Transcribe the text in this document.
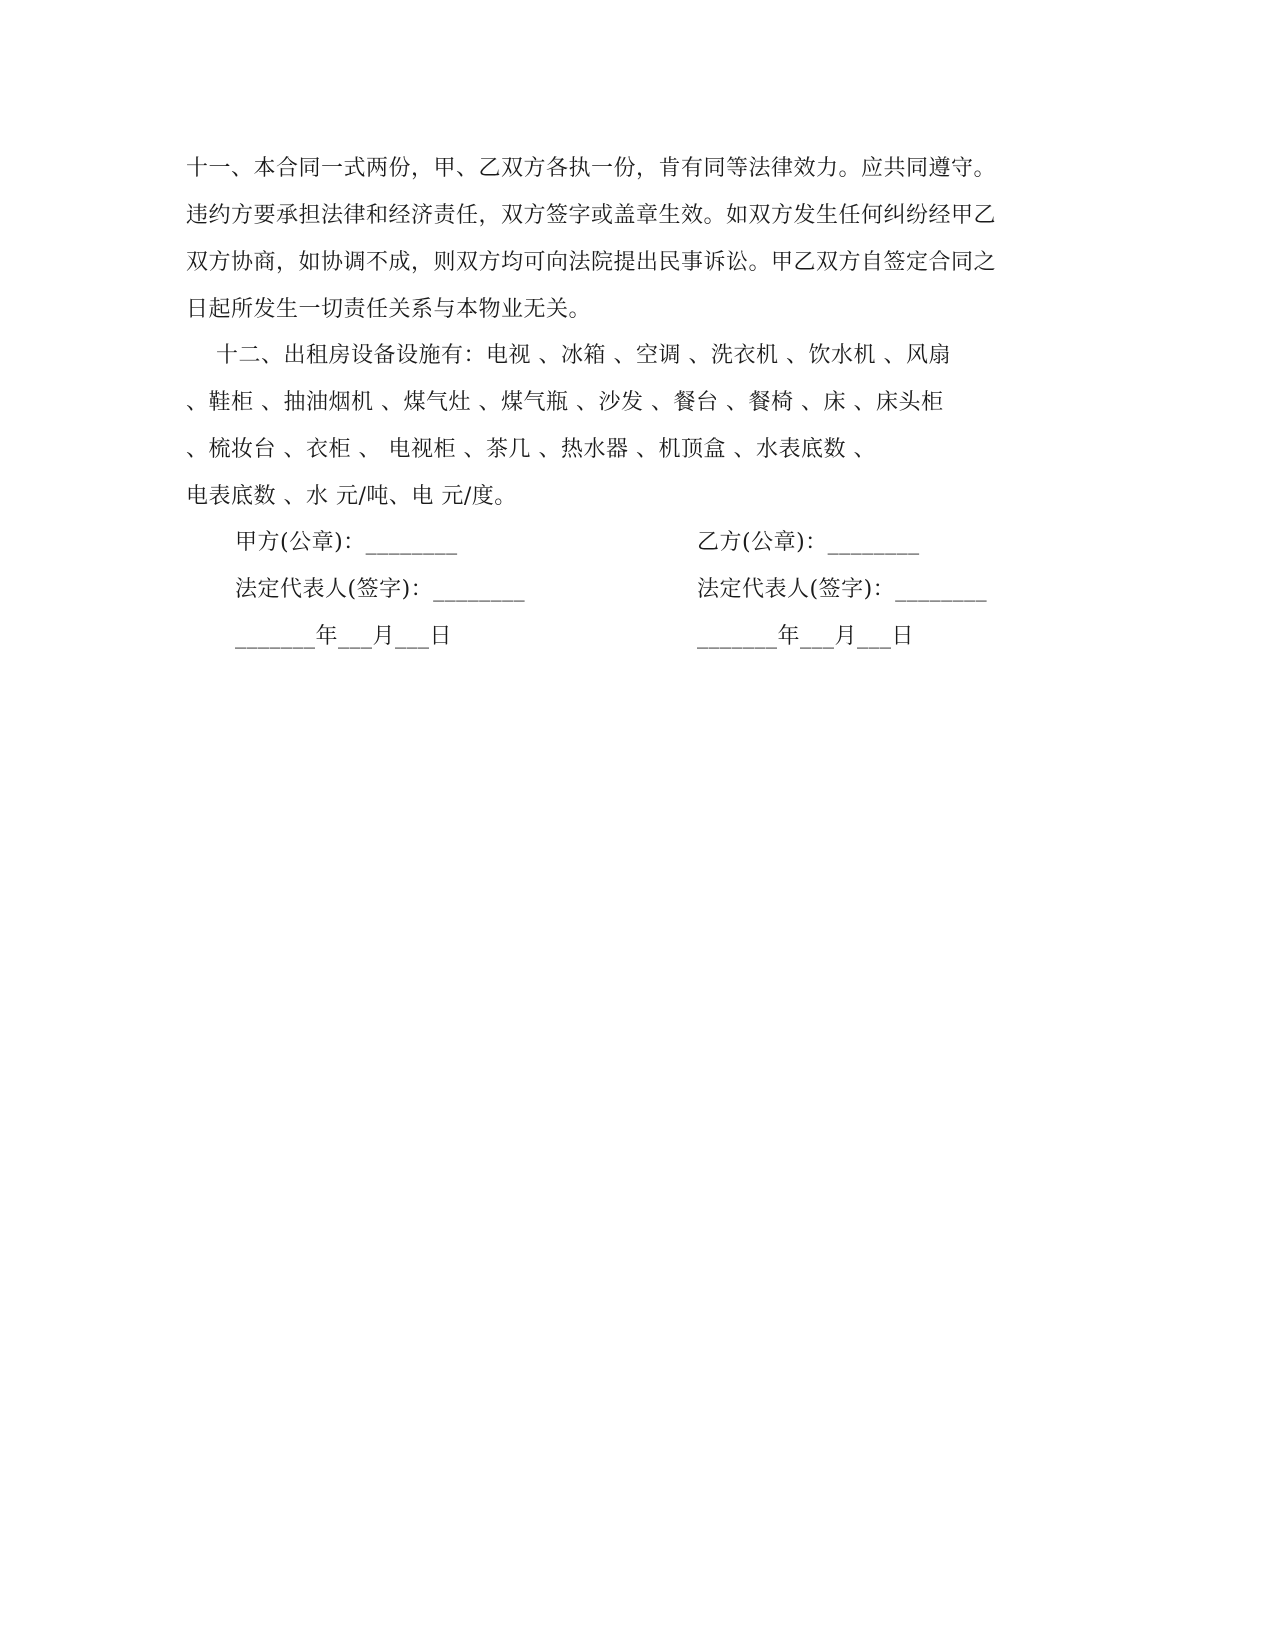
十一、本合同一式两份，甲、乙双方各执一份，肯有同等法律效力。应共同遵守。

违约方要承担法律和经济责任，双方签字或盖章生效。如双方发生任何纠纷经甲乙

双方协商，如协调不成，则双方均可向法院提出民事诉讼。甲乙双方自签定合同之

日起所发生一切责任关系与本物业无关。

十二、出租房设备设施有：电视 、冰箱 、空调 、洗衣机 、饮水机 、风扇

、鞋柜 、抽油烟机 、煤气灶 、煤气瓶 、沙发 、餐台 、餐椅 、床 、床头柜

、梳妆台 、衣柜 、 电视柜 、茶几 、热水器 、机顶盒 、水表底数 、

电表底数 、水 元/吨、电 元/度。

甲方(公章)：________	乙方(公章)：________

法定代表人(签字)：________	法定代表人(签字)：________

_______年___月___日	_______年___月___日
